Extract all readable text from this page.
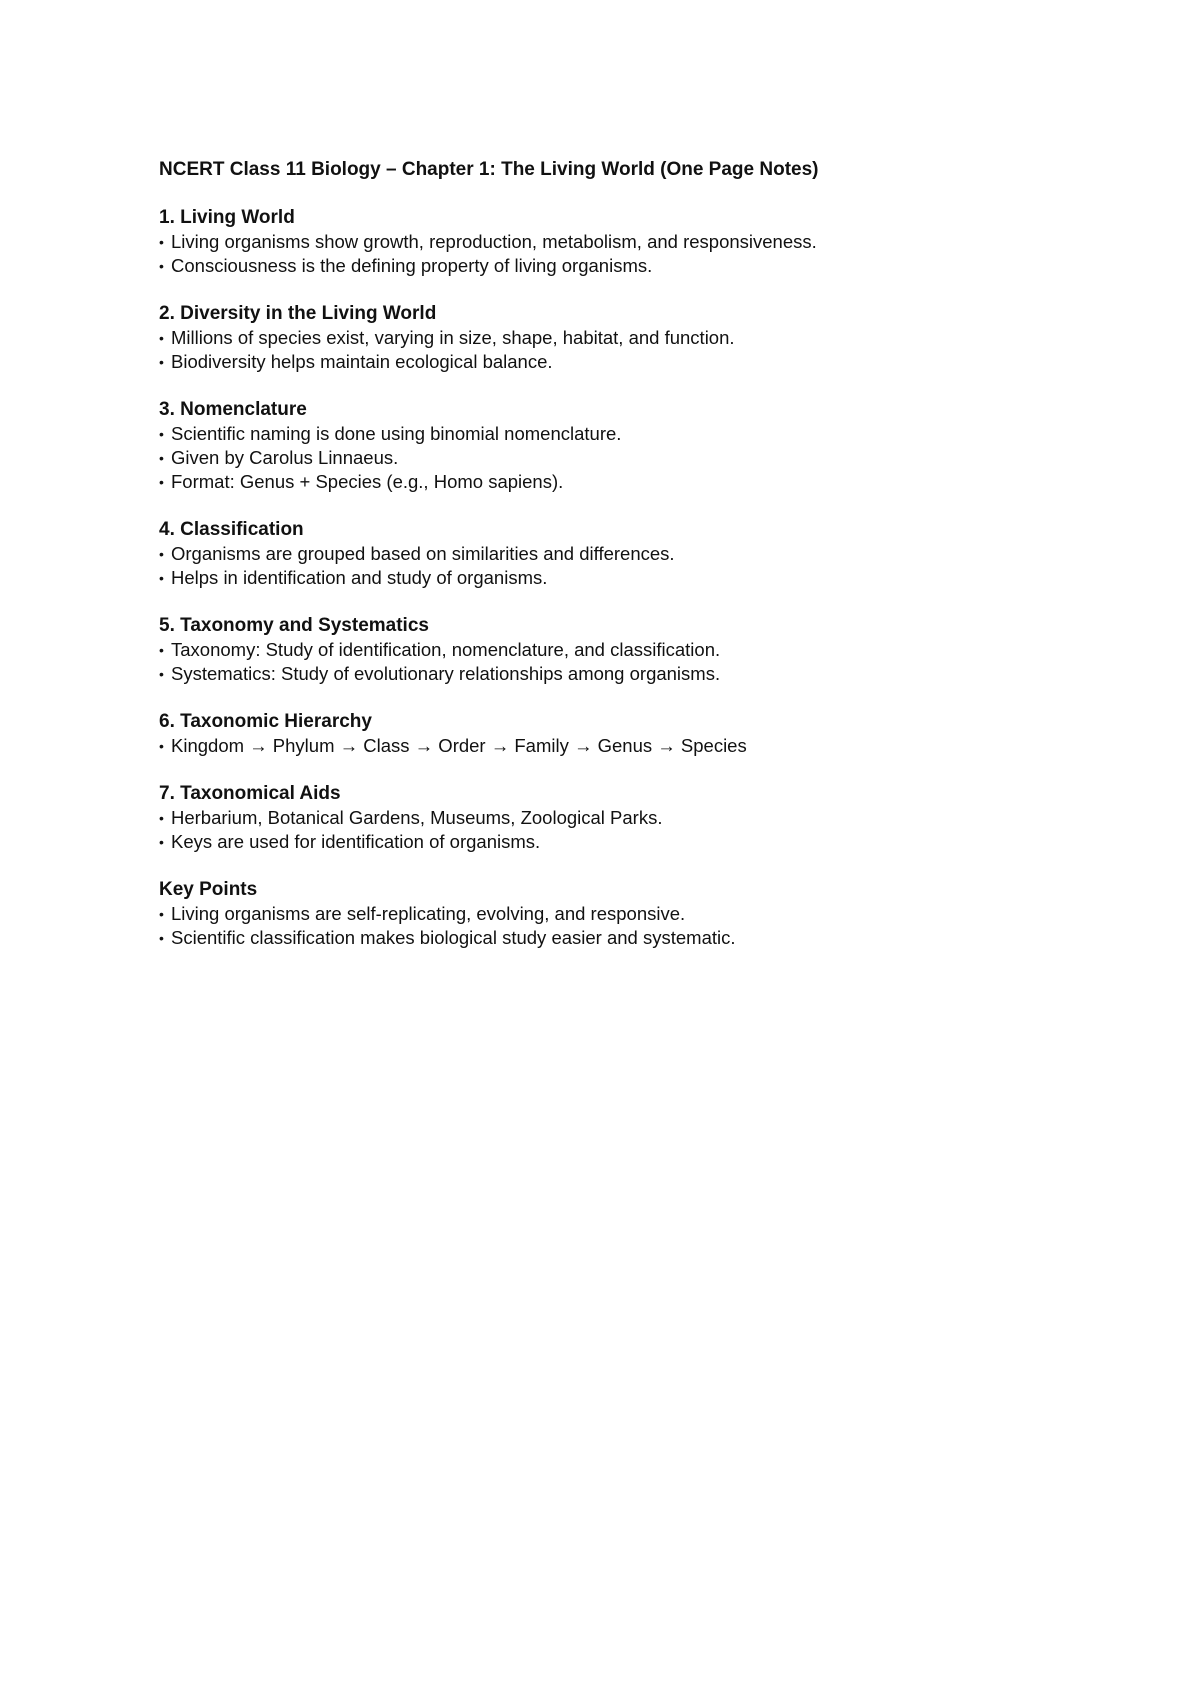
NCERT Class 11 Biology – Chapter 1: The Living World (One Page Notes)
1. Living World
• Living organisms show growth, reproduction, metabolism, and responsiveness.
• Consciousness is the defining property of living organisms.
2. Diversity in the Living World
• Millions of species exist, varying in size, shape, habitat, and function.
• Biodiversity helps maintain ecological balance.
3. Nomenclature
• Scientific naming is done using binomial nomenclature.
• Given by Carolus Linnaeus.
• Format: Genus + Species (e.g., Homo sapiens).
4. Classification
• Organisms are grouped based on similarities and differences.
• Helps in identification and study of organisms.
5. Taxonomy and Systematics
• Taxonomy: Study of identification, nomenclature, and classification.
• Systematics: Study of evolutionary relationships among organisms.
6. Taxonomic Hierarchy
• Kingdom → Phylum → Class → Order → Family → Genus → Species
7. Taxonomical Aids
• Herbarium, Botanical Gardens, Museums, Zoological Parks.
• Keys are used for identification of organisms.
Key Points
• Living organisms are self-replicating, evolving, and responsive.
• Scientific classification makes biological study easier and systematic.
